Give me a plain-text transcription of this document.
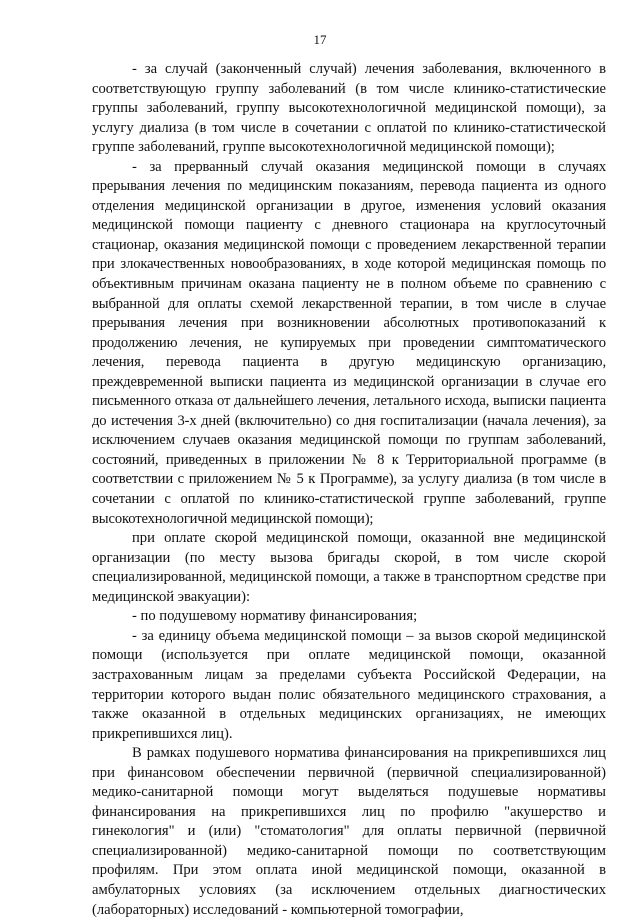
17

- за случай (законченный случай) лечения заболевания, включенного в соответствующую группу заболеваний (в том числе клинико-статистические группы заболеваний, группу высокотехнологичной медицинской помощи), за услугу диализа (в том числе в сочетании с оплатой по клинико-статистической группе заболеваний, группе высокотехнологичной медицинской помощи);

- за прерванный случай оказания медицинской помощи в случаях прерывания лечения по медицинским показаниям, перевода пациента из одного отделения медицинской организации в другое, изменения условий оказания медицинской помощи пациенту с дневного стационара на круглосуточный стационар, оказания медицинской помощи с проведением лекарственной терапии при злокачественных новообразованиях, в ходе которой медицинская помощь по объективным причинам оказана пациенту не в полном объеме по сравнению с выбранной для оплаты схемой лекарственной терапии, в том числе в случае прерывания лечения при возникновении абсолютных противопоказаний к продолжению лечения, не купируемых при проведении симптоматического лечения, перевода пациента в другую медицинскую организацию, преждевременной выписки пациента из медицинской организации в случае его письменного отказа от дальнейшего лечения, летального исхода, выписки пациента до истечения 3-х дней (включительно) со дня госпитализации (начала лечения), за исключением случаев оказания медицинской помощи по группам заболеваний, состояний, приведенных в приложении № 8 к Территориальной программе (в соответствии с приложением № 5 к Программе), за услугу диализа (в том числе в сочетании с оплатой по клинико-статистической группе заболеваний, группе высокотехнологичной медицинской помощи);

при оплате скорой медицинской помощи, оказанной вне медицинской организации (по месту вызова бригады скорой, в том числе скорой специализированной, медицинской помощи, а также в транспортном средстве при медицинской эвакуации):

- по подушевому нормативу финансирования;

- за единицу объема медицинской помощи – за вызов скорой медицинской помощи (используется при оплате медицинской помощи, оказанной застрахованным лицам за пределами субъекта Российской Федерации, на территории которого выдан полис обязательного медицинского страхования, а также оказанной в отдельных медицинских организациях, не имеющих прикрепившихся лиц).

В рамках подушевого норматива финансирования на прикрепившихся лиц при финансовом обеспечении первичной (первичной специализированной) медико-санитарной помощи могут выделяться подушевые нормативы финансирования на прикрепившихся лиц по профилю "акушерство и гинекология" и (или) "стоматология" для оплаты первичной (первичной специализированной) медико-санитарной помощи по соответствующим профилям. При этом оплата иной медицинской помощи, оказанной в амбулаторных условиях (за исключением отдельных диагностических (лабораторных) исследований - компьютерной томографии,
